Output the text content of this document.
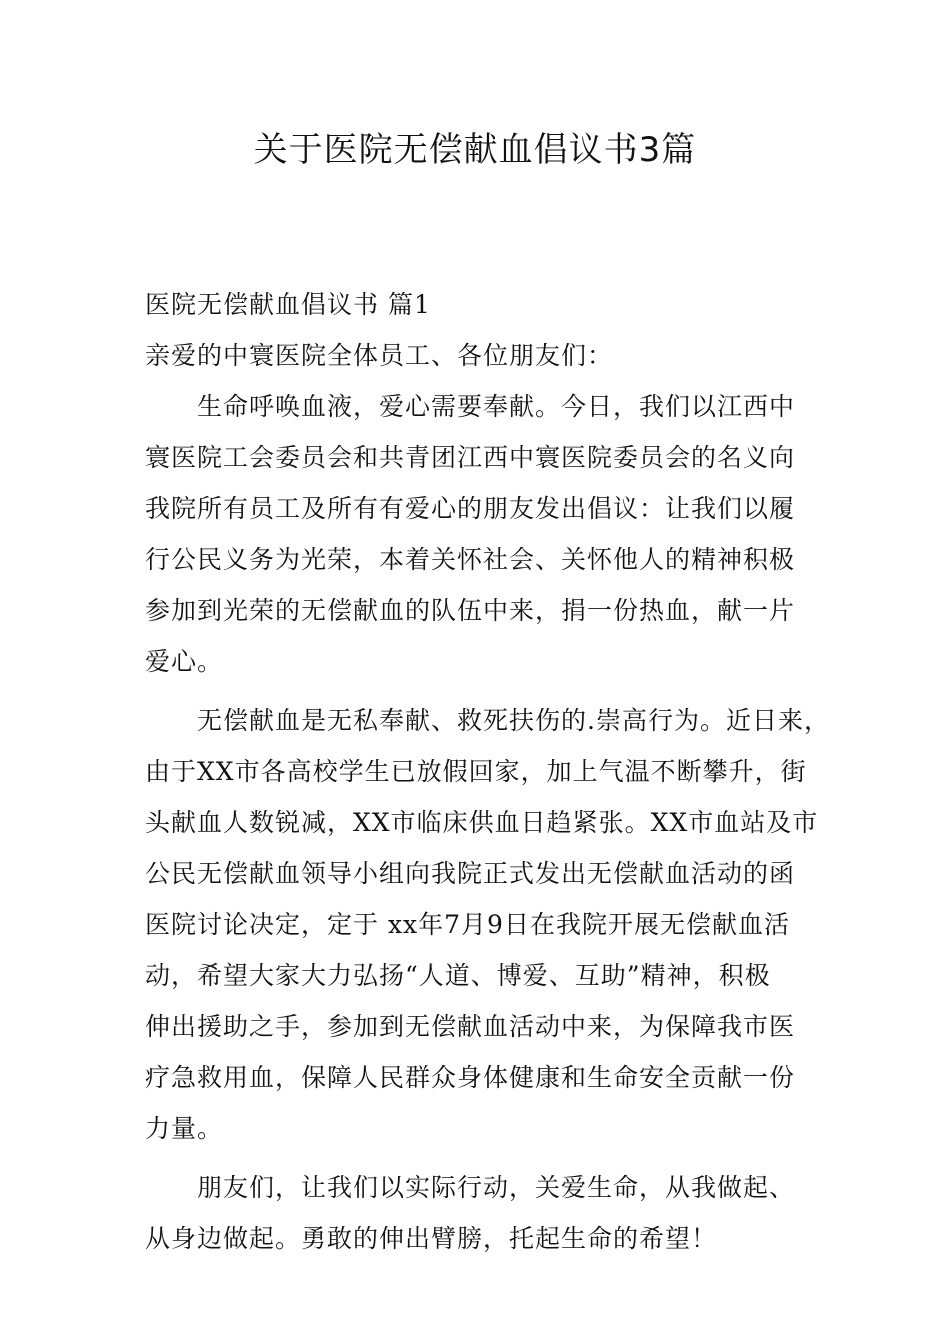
关于医院无偿献血倡议书3篇
医院无偿献血倡议书 篇1
亲爱的中寰医院全体员工、各位朋友们：
生命呼唤血液，爱心需要奉献。今日，我们以江西中
寰医院工会委员会和共青团江西中寰医院委员会的名义向
我院所有员工及所有有爱心的朋友发出倡议：让我们以履
行公民义务为光荣，本着关怀社会、关怀他人的精神积极
参加到光荣的无偿献血的队伍中来，捐一份热血，献一片
爱心。
无偿献血是无私奉献、救死扶伤的.崇高行为。近日来，
由于XX市各高校学生已放假回家，加上气温不断攀升，街
头献血人数锐减，XX市临床供血日趋紧张。XX市血站及市
公民无偿献血领导小组向我院正式发出无偿献血活动的函
医院讨论决定，定于 xx年7月9日在我院开展无偿献血活
动，希望大家大力弘扬“人道、博爱、互助”精神，积极
伸出援助之手，参加到无偿献血活动中来，为保障我市医
疗急救用血，保障人民群众身体健康和生命安全贡献一份
力量。
朋友们，让我们以实际行动，关爱生命，从我做起、
从身边做起。勇敢的伸出臂膀，托起生命的希望！
